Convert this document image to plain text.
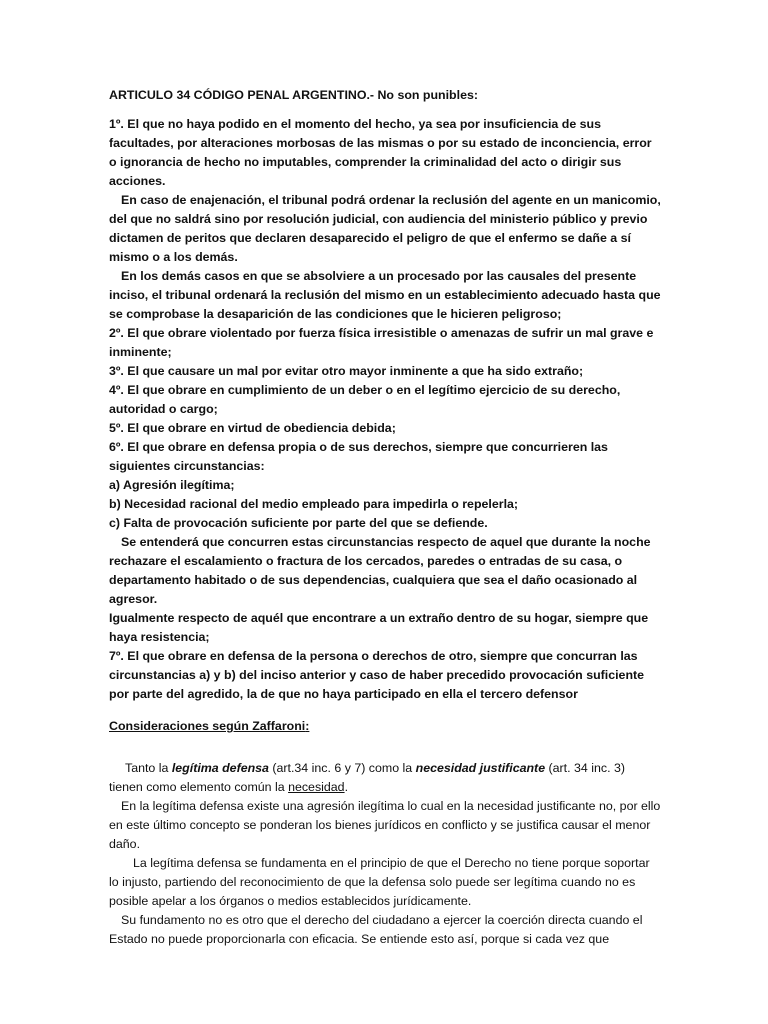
ARTICULO 34 CÓDIGO PENAL ARGENTINO.- No son punibles:

1º. El que no haya podido en el momento del hecho, ya sea por insuficiencia de sus facultades, por alteraciones morbosas de las mismas o por su estado de inconciencia, error o ignorancia de hecho no imputables, comprender la criminalidad del acto o dirigir sus acciones.

En caso de enajenación, el tribunal podrá ordenar la reclusión del agente en un manicomio, del que no saldrá sino por resolución judicial, con audiencia del ministerio público y previo dictamen de peritos que declaren desaparecido el peligro de que el enfermo se dañe a sí mismo o a los demás.

En los demás casos en que se absolviere a un procesado por las causales del presente inciso, el tribunal ordenará la reclusión del mismo en un establecimiento adecuado hasta que se comprobase la desaparición de las condiciones que le hicieren peligroso;

2º. El que obrare violentado por fuerza física irresistible o amenazas de sufrir un mal grave e inminente;

3º. El que causare un mal por evitar otro mayor inminente a que ha sido extraño;

4º. El que obrare en cumplimiento de un deber o en el legítimo ejercicio de su derecho, autoridad o cargo;

5º. El que obrare en virtud de obediencia debida;

6º. El que obrare en defensa propia o de sus derechos, siempre que concurrieren las siguientes circunstancias:

a) Agresión ilegítima;

b) Necesidad racional del medio empleado para impedirla o repelerla;

c) Falta de provocación suficiente por parte del que se defiende.

Se entenderá que concurren estas circunstancias respecto de aquel que durante la noche rechazare el escalamiento o fractura de los cercados, paredes o entradas de su casa, o departamento habitado o de sus dependencias, cualquiera que sea el daño ocasionado al agresor.

Igualmente respecto de aquél que encontrare a un extraño dentro de su hogar, siempre que haya resistencia;

7º. El que obrare en defensa de la persona o derechos de otro, siempre que concurran las circunstancias a) y b) del inciso anterior y caso de haber precedido provocación suficiente por parte del agredido, la de que no haya participado en ella el tercero defensor

Consideraciones según Zaffaroni:

Tanto la legítima defensa (art.34 inc. 6 y 7) como la necesidad justificante (art. 34 inc. 3) tienen como elemento común la necesidad.

En la legítima defensa existe una agresión ilegítima lo cual en la necesidad justificante no, por ello en este último concepto se ponderan los bienes jurídicos en conflicto y se justifica causar el menor daño.

La legítima defensa se fundamenta en el principio de que el Derecho no tiene porque soportar lo injusto, partiendo del reconocimiento de que la defensa solo puede ser legítima cuando no es posible apelar a los órganos o medios establecidos jurídicamente.

Su fundamento no es otro que el derecho del ciudadano a ejercer la coerción directa cuando el Estado no puede proporcionarla con eficacia. Se entiende esto así, porque si cada vez que
